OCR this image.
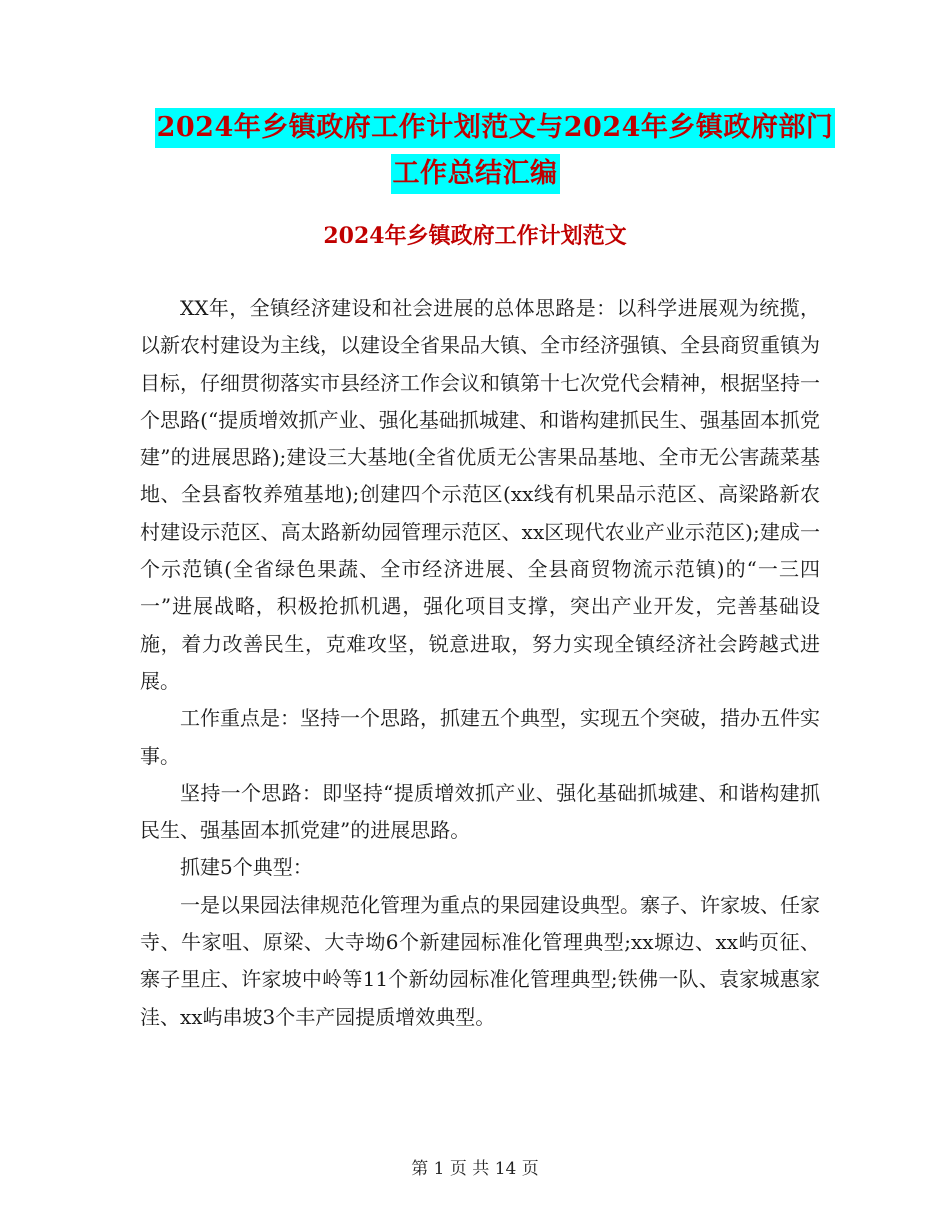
2024年乡镇政府工作计划范文与2024年乡镇政府部门
工作总结汇编
2024年乡镇政府工作计划范文

XX年，全镇经济建设和社会进展的总体思路是：以科学进展观为统揽，以新农村建设为主线，以建设全省果品大镇、全市经济强镇、全县商贸重镇为目标，仔细贯彻落实市县经济工作会议和镇第十七次党代会精神，根据坚持一个思路(“提质增效抓产业、强化基础抓城建、和谐构建抓民生、强基固本抓党建”的进展思路);建设三大基地(全省优质无公害果品基地、全市无公害蔬菜基地、全县畜牧养殖基地);创建四个示范区(xx线有机果品示范区、高梁路新农村建设示范区、高太路新幼园管理示范区、xx区现代农业产业示范区);建成一个示范镇(全省绿色果蔬、全市经济进展、全县商贸物流示范镇)的“一三四一”进展战略，积极抢抓机遇，强化项目支撑，突出产业开发，完善基础设施，着力改善民生，克难攻坚，锐意进取，努力实现全镇经济社会跨越式进展。

工作重点是：坚持一个思路，抓建五个典型，实现五个突破，措办五件实事。

坚持一个思路：即坚持“提质增效抓产业、强化基础抓城建、和谐构建抓民生、强基固本抓党建”的进展思路。

抓建5个典型：

一是以果园法律规范化管理为重点的果园建设典型。寨子、许家坡、任家寺、牛家咀、原梁、大寺坳6个新建园标准化管理典型;xx塬边、xx屿页征、寨子里庄、许家坡中岭等11个新幼园标准化管理典型;铁佛一队、袁家城惠家洼、xx屿串坡3个丰产园提质增效典型。

第 1 页 共 14 页
